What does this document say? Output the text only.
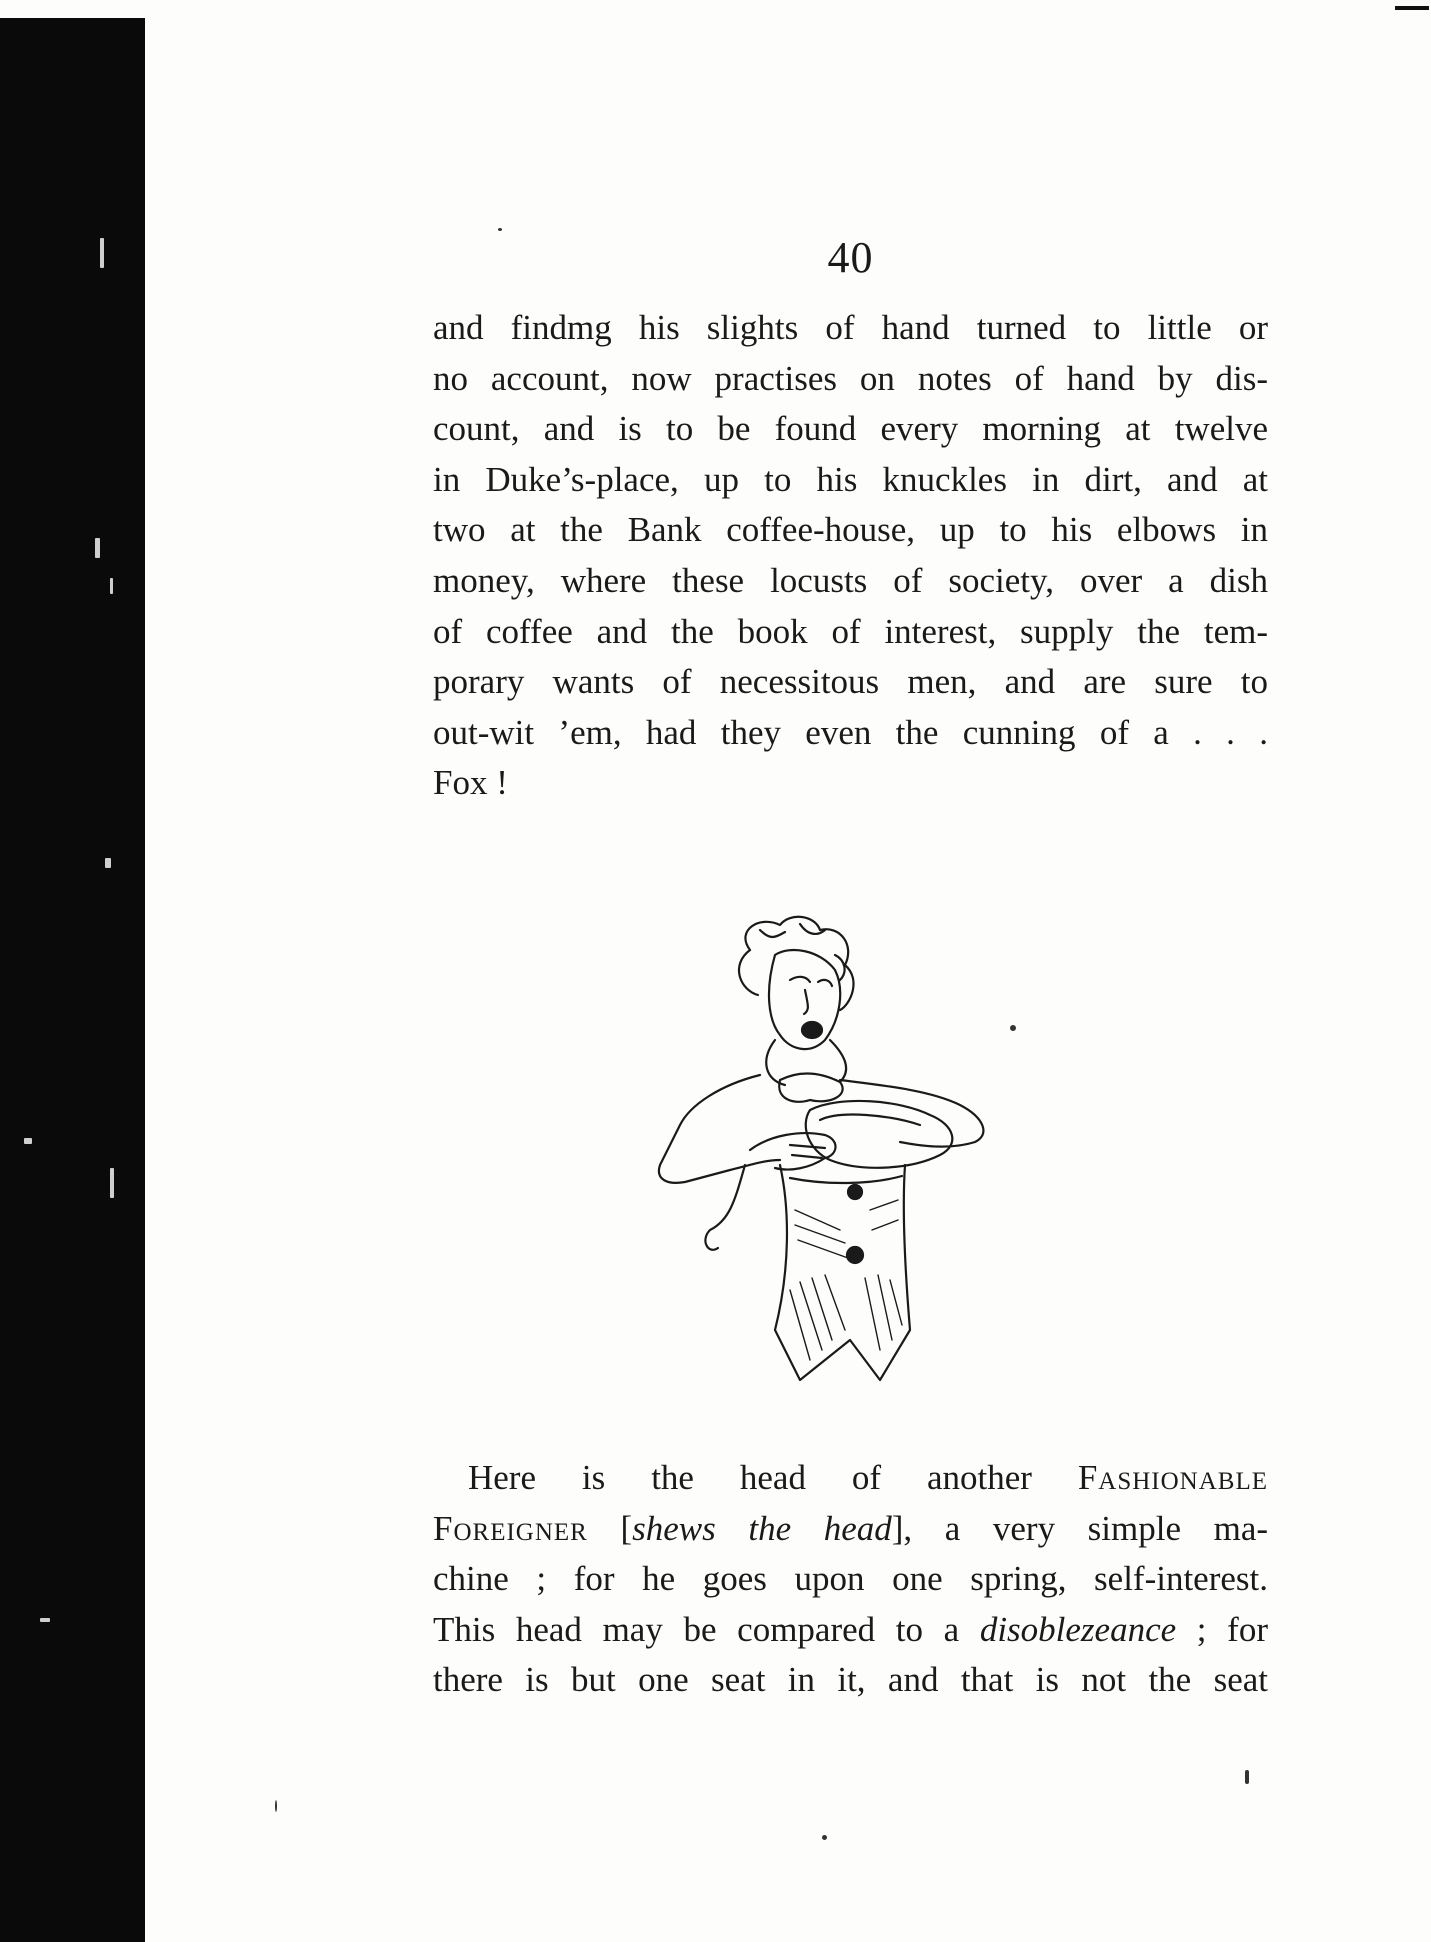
40
and findmg his slights of hand turned to little or
no account, now practises on notes of hand by dis-
count, and is to be found every morning at twelve
in Duke’s-place, up to his knuckles in dirt, and at
two at the Bank coffee-house, up to his elbows in
money, where these locusts of society, over a dish
of coffee and the book of interest, supply the tem-
porary wants of necessitous men, and are sure to
out-wit ’em, had they even the cunning of a . . .
Fox !
Here is the head of another Fashionable
Foreigner [shews the head], a very simple ma-
chine ; for he goes upon one spring, self-interest.
This head may be compared to a disoblezeance ; for
there is but one seat in it, and that is not the seat
